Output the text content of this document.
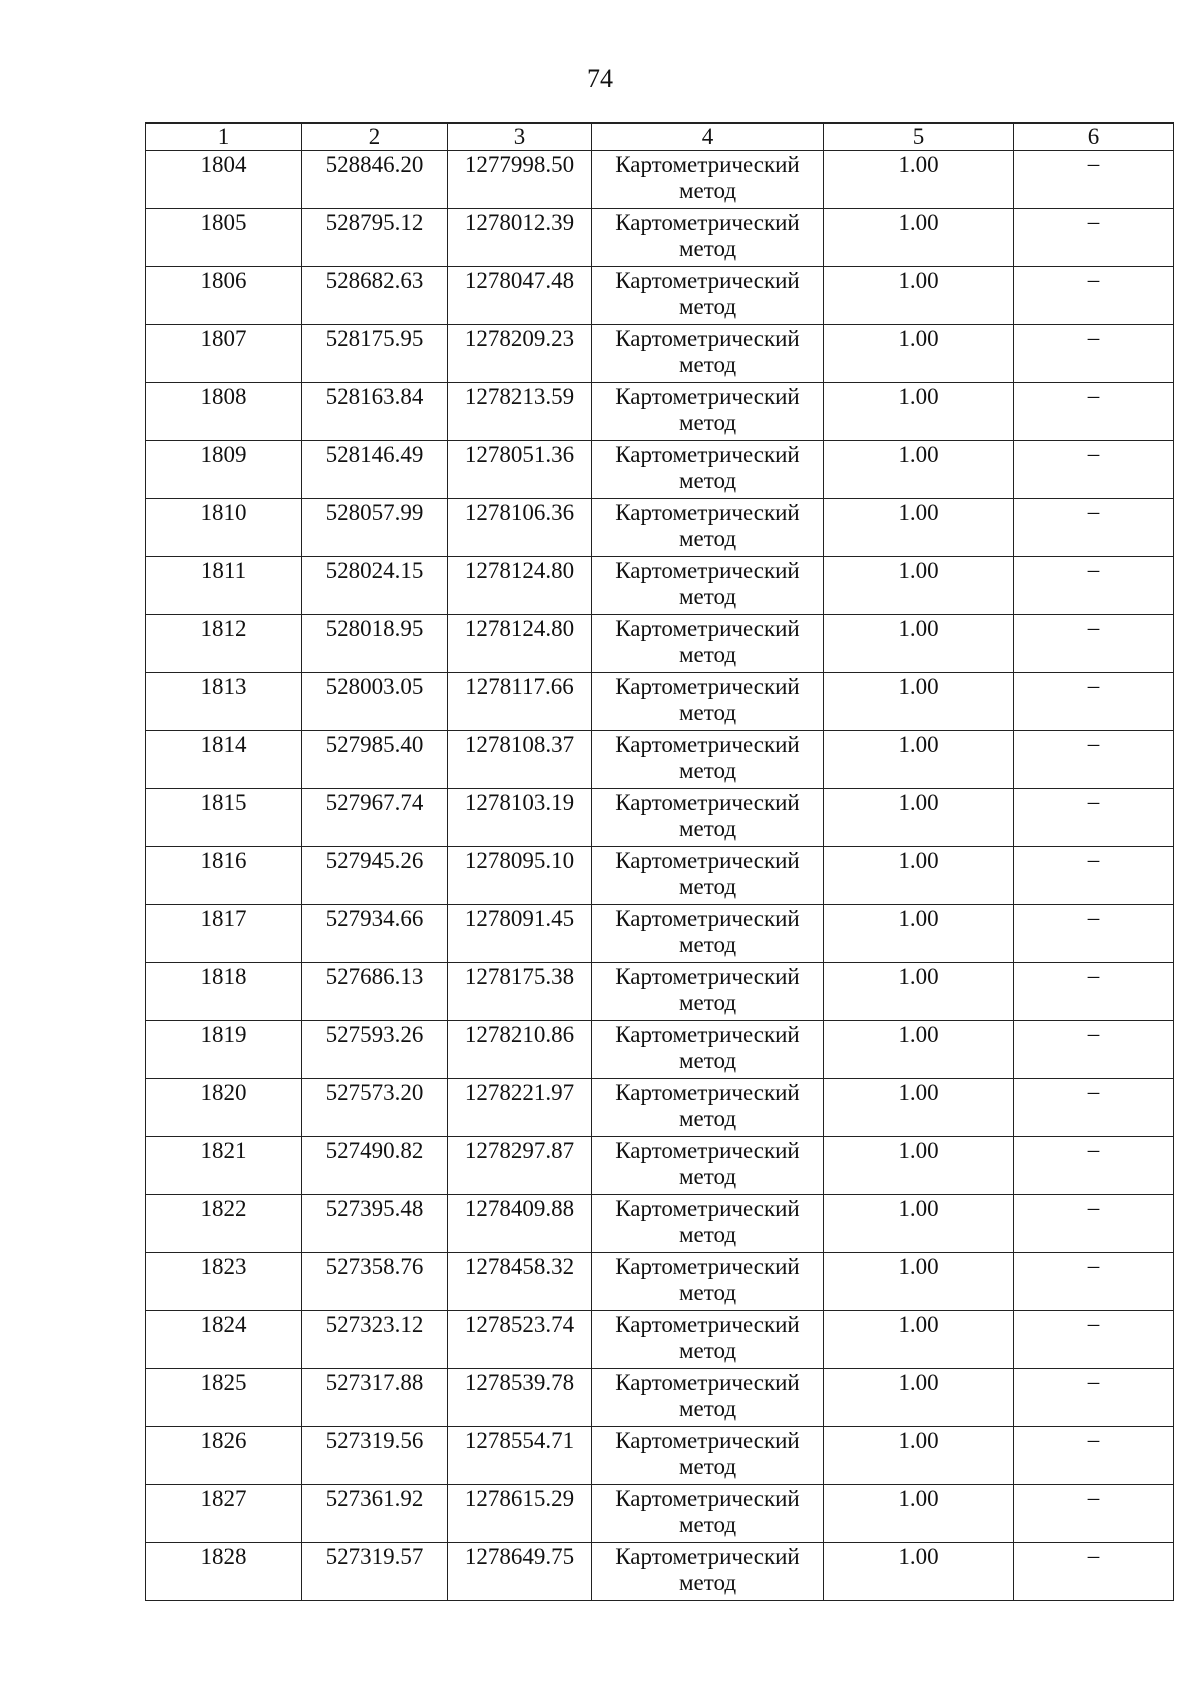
74
1	2	3	4	5	6
1804	528846.20	1277998.50	Картометрический метод	1.00	–
1805	528795.12	1278012.39	Картометрический метод	1.00	–
1806	528682.63	1278047.48	Картометрический метод	1.00	–
1807	528175.95	1278209.23	Картометрический метод	1.00	–
1808	528163.84	1278213.59	Картометрический метод	1.00	–
1809	528146.49	1278051.36	Картометрический метод	1.00	–
1810	528057.99	1278106.36	Картометрический метод	1.00	–
1811	528024.15	1278124.80	Картометрический метод	1.00	–
1812	528018.95	1278124.80	Картометрический метод	1.00	–
1813	528003.05	1278117.66	Картометрический метод	1.00	–
1814	527985.40	1278108.37	Картометрический метод	1.00	–
1815	527967.74	1278103.19	Картометрический метод	1.00	–
1816	527945.26	1278095.10	Картометрический метод	1.00	–
1817	527934.66	1278091.45	Картометрический метод	1.00	–
1818	527686.13	1278175.38	Картометрический метод	1.00	–
1819	527593.26	1278210.86	Картометрический метод	1.00	–
1820	527573.20	1278221.97	Картометрический метод	1.00	–
1821	527490.82	1278297.87	Картометрический метод	1.00	–
1822	527395.48	1278409.88	Картометрический метод	1.00	–
1823	527358.76	1278458.32	Картометрический метод	1.00	–
1824	527323.12	1278523.74	Картометрический метод	1.00	–
1825	527317.88	1278539.78	Картометрический метод	1.00	–
1826	527319.56	1278554.71	Картометрический метод	1.00	–
1827	527361.92	1278615.29	Картометрический метод	1.00	–
1828	527319.57	1278649.75	Картометрический метод	1.00	–
